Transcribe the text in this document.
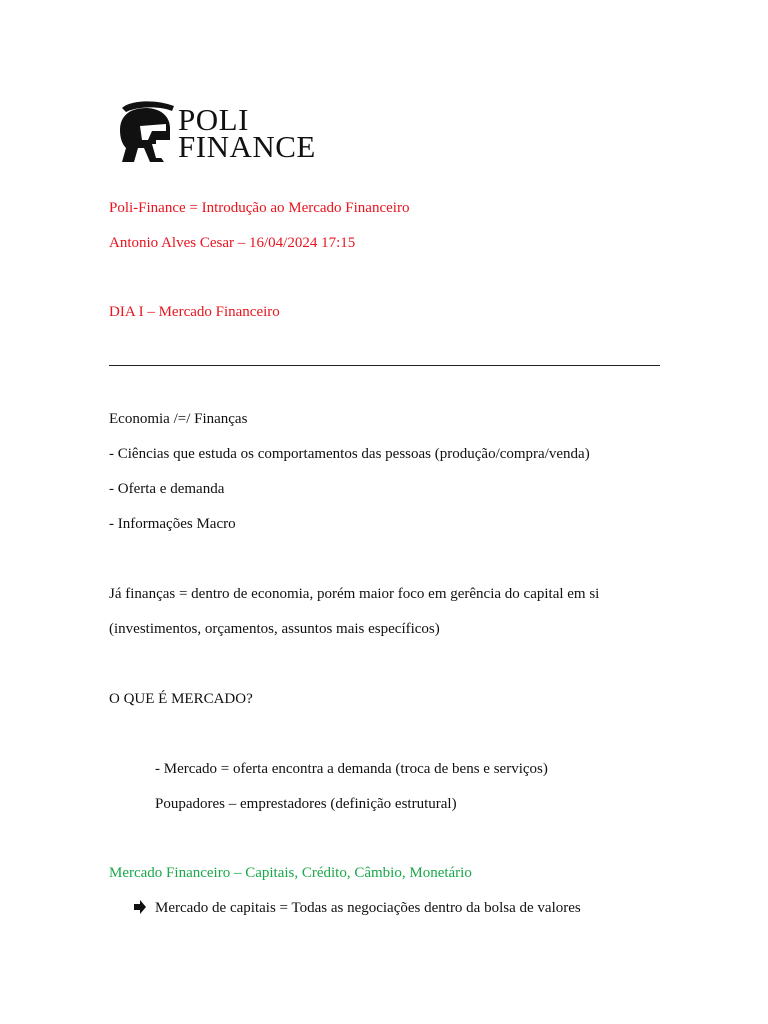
POLI
FINANCE
Poli-Finance = Introdução ao Mercado Financeiro
Antonio Alves Cesar – 16/04/2024 17:15
DIA I – Mercado Financeiro
Economia /=/ Finanças
- Ciências que estuda os comportamentos das pessoas (produção/compra/venda)
- Oferta e demanda
- Informações Macro
Já finanças = dentro de economia, porém maior foco em gerência do capital em si
(investimentos, orçamentos, assuntos mais específicos)
O QUE É MERCADO?
- Mercado = oferta encontra a demanda (troca de bens e serviços)
Poupadores – emprestadores (definição estrutural)
Mercado Financeiro – Capitais, Crédito, Câmbio, Monetário
Mercado de capitais = Todas as negociações dentro da bolsa de valores
